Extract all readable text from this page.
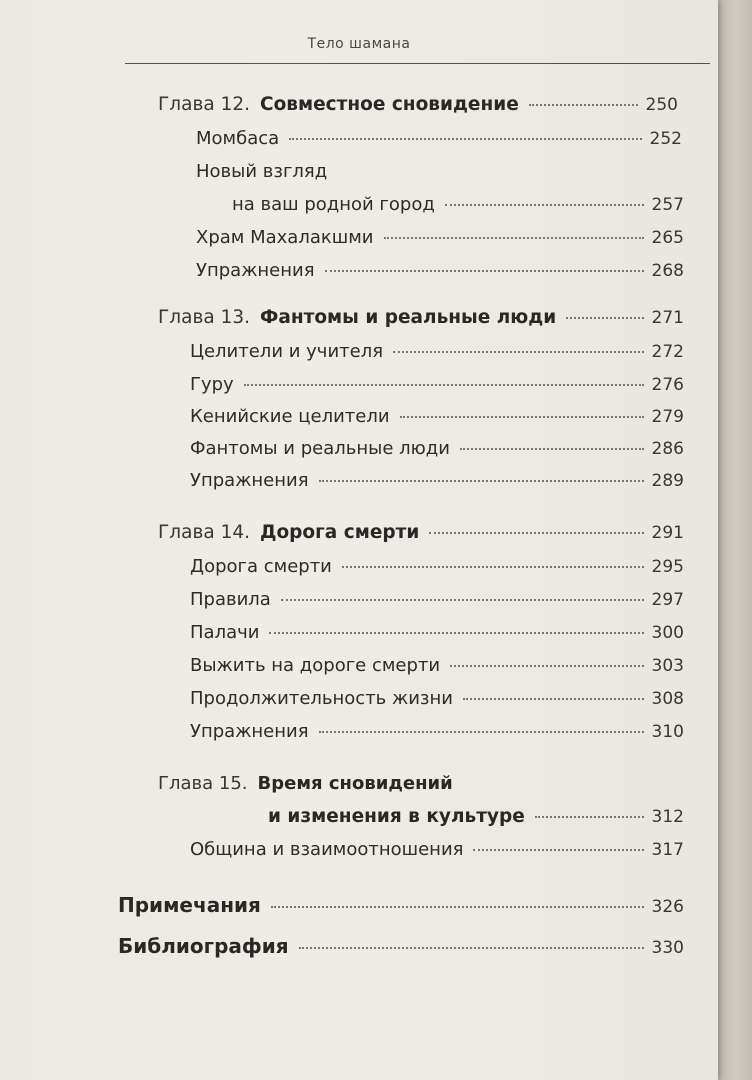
Тело шамана
Глава 12. Совместное сновидение	250
Момбаса	252
Новый взгляд
на ваш родной город	257
Храм Махалакшми	265
Упражнения	268
Глава 13. Фантомы и реальные люди	271
Целители и учителя	272
Гуру	276
Кенийские целители	279
Фантомы и реальные люди	286
Упражнения	289
Глава 14. Дорога смерти	291
Дорога смерти	295
Правила	297
Палачи	300
Выжить на дороге смерти	303
Продолжительность жизни	308
Упражнения	310
Глава 15. Время сновидений
и изменения в культуре	312
Община и взаимоотношения	317
Примечания	326
Библиография	330
